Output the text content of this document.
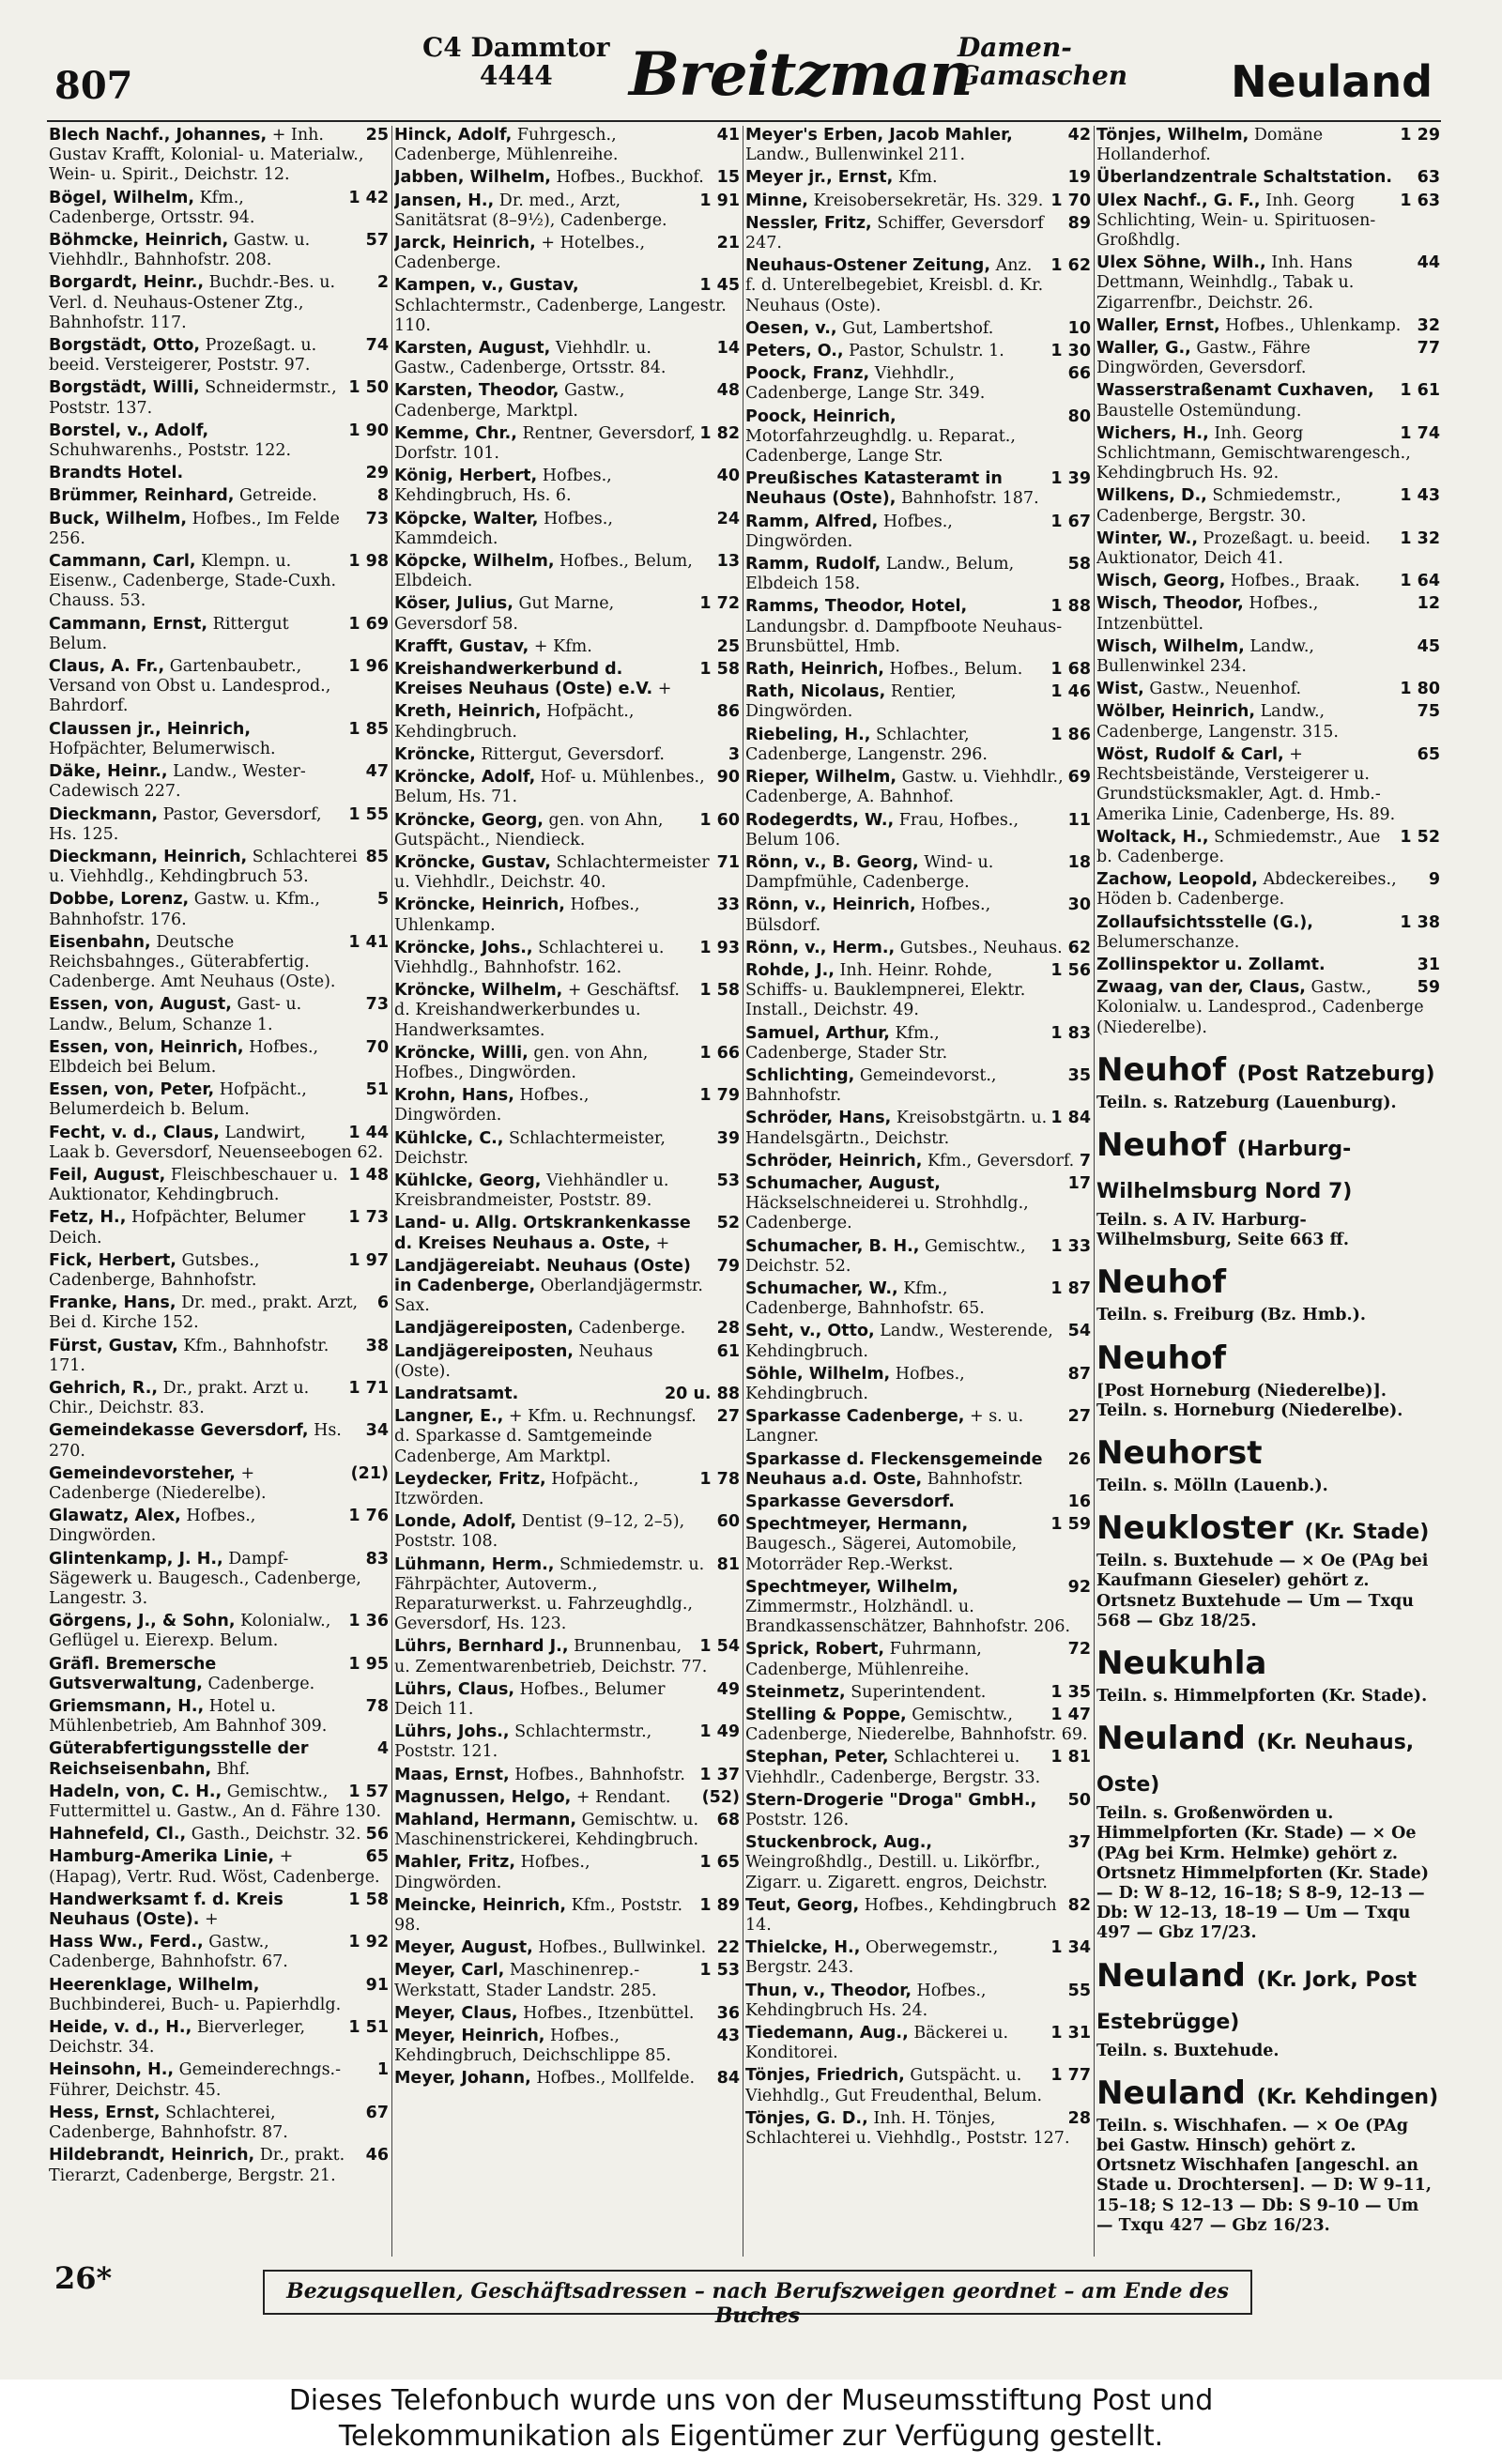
807
C4 Dammtor
4444	Breitzman
Damen-
Gamaschen Neuland
25
Blech Nachf., Johannes, + Inh. Gustav Krafft, Kolonial- u. Materialw., Wein- u. Spirit., Deichstr. 12.
1 42
Bögel, Wilhelm, Kfm., Cadenberge, Ortsstr. 94.
57
Böhmcke, Heinrich, Gastw. u. Viehhdlr., Bahnhofstr. 208.
2
Borgardt, Heinr., Buchdr.-Bes. u. Verl. d. Neuhaus-Ostener Ztg., Bahnhofstr. 117.
74
Borgstädt, Otto, Prozeßagt. u. beeid. Versteigerer, Poststr. 97.
1 50
Borgstädt, Willi, Schneidermstr., Poststr. 137.
1 90
Borstel, v., Adolf, Schuhwarenhs., Poststr. 122.
29
Brandts Hotel.
8
Brümmer, Reinhard, Getreide.
73
Buck, Wilhelm, Hofbes., Im Felde 256.
1 98
Cammann, Carl, Klempn. u. Eisenw., Cadenberge, Stade-Cuxh. Chauss. 53.
1 69
Cammann, Ernst, Rittergut Belum.
1 96
Claus, A. Fr., Gartenbaubetr., Versand von Obst u. Landesprod., Bahrdorf.
1 85
Claussen jr., Heinrich, Hofpächter, Belumerwisch.
47
Däke, Heinr., Landw., Wester-Cadewisch 227.
1 55
Dieckmann, Pastor, Geversdorf, Hs. 125.
85
Dieckmann, Heinrich, Schlachterei u. Viehhdlg., Kehdingbruch 53.
5
Dobbe, Lorenz, Gastw. u. Kfm., Bahnhofstr. 176.
1 41
Eisenbahn, Deutsche Reichsbahnges., Güterabfertig. Cadenberge. Amt Neuhaus (Oste).
73
Essen, von, August, Gast- u. Landw., Belum, Schanze 1.
70
Essen, von, Heinrich, Hofbes., Elbdeich bei Belum.
51
Essen, von, Peter, Hofpächt., Belumerdeich b. Belum.
1 44
Fecht, v. d., Claus, Landwirt, Laak b. Geversdorf, Neuenseebogen 62.
1 48
Feil, August, Fleischbeschauer u. Auktionator, Kehdingbruch.
1 73
Fetz, H., Hofpächter, Belumer Deich.
1 97
Fick, Herbert, Gutsbes., Cadenberge, Bahnhofstr.
6
Franke, Hans, Dr. med., prakt. Arzt, Bei d. Kirche 152.
38
Fürst, Gustav, Kfm., Bahnhofstr. 171.
1 71
Gehrich, R., Dr., prakt. Arzt u. Chir., Deichstr. 83.
34
Gemeindekasse Geversdorf, Hs. 270.
(21)
Gemeindevorsteher, + Cadenberge (Niederelbe).
1 76
Glawatz, Alex, Hofbes., Dingwörden.
83
Glintenkamp, J. H., Dampf-Sägewerk u. Baugesch., Cadenberge, Langestr. 3.
1 36
Görgens, J., & Sohn, Kolonialw., Geflügel u. Eierexp. Belum.
1 95
Gräfl. Bremersche Gutsverwaltung, Cadenberge.
78
Griemsmann, H., Hotel u. Mühlenbetrieb, Am Bahnhof 309.
4
Güterabfertigungsstelle der Reichseisenbahn, Bhf.
1 57
Hadeln, von, C. H., Gemischtw., Futtermittel u. Gastw., An d. Fähre 130.
56
Hahnefeld, Cl., Gasth., Deichstr. 32.
65
Hamburg-Amerika Linie, + (Hapag), Vertr. Rud. Wöst, Cadenberge.
1 58
Handwerksamt f. d. Kreis Neuhaus (Oste). +
1 92
Hass Ww., Ferd., Gastw., Cadenberge, Bahnhofstr. 67.
91
Heerenklage, Wilhelm, Buchbinderei, Buch- u. Papierhdlg.
1 51
Heide, v. d., H., Bierverleger, Deichstr. 34.
1
Heinsohn, H., Gemeinderechngs.-Führer, Deichstr. 45.
67
Hess, Ernst, Schlachterei, Cadenberge, Bahnhofstr. 87.
46
Hildebrandt, Heinrich, Dr., prakt. Tierarzt, Cadenberge, Bergstr. 21.
41
Hinck, Adolf, Fuhrgesch., Cadenberge, Mühlenreihe.
15
Jabben, Wilhelm, Hofbes., Buckhof.
1 91
Jansen, H., Dr. med., Arzt, Sanitätsrat (8–9½), Cadenberge.
21
Jarck, Heinrich, + Hotelbes., Cadenberge.
1 45
Kampen, v., Gustav, Schlachtermstr., Cadenberge, Langestr. 110.
14
Karsten, August, Viehhdlr. u. Gastw., Cadenberge, Ortsstr. 84.
48
Karsten, Theodor, Gastw., Cadenberge, Marktpl.
1 82
Kemme, Chr., Rentner, Geversdorf, Dorfstr. 101.
40
König, Herbert, Hofbes., Kehdingbruch, Hs. 6.
24
Köpcke, Walter, Hofbes., Kammdeich.
13
Köpcke, Wilhelm, Hofbes., Belum, Elbdeich.
1 72
Köser, Julius, Gut Marne, Geversdorf 58.
25
Krafft, Gustav, + Kfm.
1 58
Kreishandwerkerbund d. Kreises Neuhaus (Oste) e.V. +
86
Kreth, Heinrich, Hofpächt., Kehdingbruch.
3
Kröncke, Rittergut, Geversdorf.
90
Kröncke, Adolf, Hof- u. Mühlenbes., Belum, Hs. 71.
1 60
Kröncke, Georg, gen. von Ahn, Gutspächt., Niendieck.
71
Kröncke, Gustav, Schlachtermeister u. Viehhdlr., Deichstr. 40.
33
Kröncke, Heinrich, Hofbes., Uhlenkamp.
1 93
Kröncke, Johs., Schlachterei u. Viehhdlg., Bahnhofstr. 162.
1 58
Kröncke, Wilhelm, + Geschäftsf. d. Kreishandwerkerbundes u. Handwerksamtes.
1 66
Kröncke, Willi, gen. von Ahn, Hofbes., Dingwörden.
1 79
Krohn, Hans, Hofbes., Dingwörden.
39
Kühlcke, C., Schlachtermeister, Deichstr.
53
Kühlcke, Georg, Viehhändler u. Kreisbrandmeister, Poststr. 89.
52
Land- u. Allg. Ortskrankenkasse d. Kreises Neuhaus a. Oste, +
79
Landjägereiabt. Neuhaus (Oste) in Cadenberge, Oberlandjägermstr. Sax.
28
Landjägereiposten, Cadenberge.
61
Landjägereiposten, Neuhaus (Oste).
20 u. 88
Landratsamt.
27
Langner, E., + Kfm. u. Rechnungsf. d. Sparkasse d. Samtgemeinde Cadenberge, Am Marktpl.
1 78
Leydecker, Fritz, Hofpächt., Itzwörden.
60
Londe, Adolf, Dentist (9–12, 2–5), Poststr. 108.
81
Lühmann, Herm., Schmiedemstr. u. Fährpächter, Autoverm., Reparaturwerkst. u. Fahrzeughdlg., Geversdorf, Hs. 123.
1 54
Lührs, Bernhard J., Brunnenbau, u. Zementwarenbetrieb, Deichstr. 77.
49
Lührs, Claus, Hofbes., Belumer Deich 11.
1 49
Lührs, Johs., Schlachtermstr., Poststr. 121.
1 37
Maas, Ernst, Hofbes., Bahnhofstr.
(52)
Magnussen, Helgo, + Rendant.
68
Mahland, Hermann, Gemischtw. u. Maschinenstrickerei, Kehdingbruch.
1 65
Mahler, Fritz, Hofbes., Dingwörden.
1 89
Meincke, Heinrich, Kfm., Poststr. 98.
22
Meyer, August, Hofbes., Bullwinkel.
1 53
Meyer, Carl, Maschinenrep.-Werkstatt, Stader Landstr. 285.
36
Meyer, Claus, Hofbes., Itzenbüttel.
43
Meyer, Heinrich, Hofbes., Kehdingbruch, Deichschlippe 85.
84
Meyer, Johann, Hofbes., Mollfelde.
42
Meyer's Erben, Jacob Mahler, Landw., Bullenwinkel 211.
19
Meyer jr., Ernst, Kfm.
1 70
Minne, Kreisobersekretär, Hs. 329.
89
Nessler, Fritz, Schiffer, Geversdorf 247.
1 62
Neuhaus-Ostener Zeitung, Anz. f. d. Unterelbegebiet, Kreisbl. d. Kr. Neuhaus (Oste).
10
Oesen, v., Gut, Lambertshof.
1 30
Peters, O., Pastor, Schulstr. 1.
66
Poock, Franz, Viehhdlr., Cadenberge, Lange Str. 349.
80
Poock, Heinrich, Motorfahrzeughdlg. u. Reparat., Cadenberge, Lange Str.
1 39
Preußisches Katasteramt in Neuhaus (Oste), Bahnhofstr. 187.
1 67
Ramm, Alfred, Hofbes., Dingwörden.
58
Ramm, Rudolf, Landw., Belum, Elbdeich 158.
1 88
Ramms, Theodor, Hotel, Landungsbr. d. Dampfboote Neuhaus-Brunsbüttel, Hmb.
1 68
Rath, Heinrich, Hofbes., Belum.
1 46
Rath, Nicolaus, Rentier, Dingwörden.
1 86
Riebeling, H., Schlachter, Cadenberge, Langenstr. 296.
69
Rieper, Wilhelm, Gastw. u. Viehhdlr., Cadenberge, A. Bahnhof.
11
Rodegerdts, W., Frau, Hofbes., Belum 106.
18
Rönn, v., B. Georg, Wind- u. Dampfmühle, Cadenberge.
30
Rönn, v., Heinrich, Hofbes., Bülsdorf.
62
Rönn, v., Herm., Gutsbes., Neuhaus.
1 56
Rohde, J., Inh. Heinr. Rohde, Schiffs- u. Bauklempnerei, Elektr. Install., Deichstr. 49.
1 83
Samuel, Arthur, Kfm., Cadenberge, Stader Str.
35
Schlichting, Gemeindevorst., Bahnhofstr.
1 84
Schröder, Hans, Kreisobstgärtn. u. Handelsgärtn., Deichstr.
7
Schröder, Heinrich, Kfm., Geversdorf.
17
Schumacher, August, Häckselschneiderei u. Strohhdlg., Cadenberge.
1 33
Schumacher, B. H., Gemischtw., Deichstr. 52.
1 87
Schumacher, W., Kfm., Cadenberge, Bahnhofstr. 65.
54
Seht, v., Otto, Landw., Westerende, Kehdingbruch.
87
Söhle, Wilhelm, Hofbes., Kehdingbruch.
27
Sparkasse Cadenberge, + s. u. Langner.
26
Sparkasse d. Fleckensgemeinde Neuhaus a.d. Oste, Bahnhofstr.
16
Sparkasse Geversdorf.
1 59
Spechtmeyer, Hermann, Baugesch., Sägerei, Automobile, Motorräder Rep.-Werkst.
92
Spechtmeyer, Wilhelm, Zimmermstr., Holzhändl. u. Brandkassenschätzer, Bahnhofstr. 206.
72
Sprick, Robert, Fuhrmann, Cadenberge, Mühlenreihe.
1 35
Steinmetz, Superintendent.
1 47
Stelling & Poppe, Gemischtw., Cadenberge, Niederelbe, Bahnhofstr. 69.
1 81
Stephan, Peter, Schlachterei u. Viehhdlr., Cadenberge, Bergstr. 33.
50
Stern-Drogerie "Droga" GmbH., Poststr. 126.
37
Stuckenbrock, Aug., Weingroßhdlg., Destill. u. Likörfbr., Zigarr. u. Zigarett. engros, Deichstr.
82
Teut, Georg, Hofbes., Kehdingbruch 14.
1 34
Thielcke, H., Oberwegemstr., Bergstr. 243.
55
Thun, v., Theodor, Hofbes., Kehdingbruch Hs. 24.
1 31
Tiedemann, Aug., Bäckerei u. Konditorei.
1 77
Tönjes, Friedrich, Gutspächt. u. Viehhdlg., Gut Freudenthal, Belum.
28
Tönjes, G. D., Inh. H. Tönjes, Schlachterei u. Viehhdlg., Poststr. 127.
1 29
Tönjes, Wilhelm, Domäne Hollanderhof.
63
Überlandzentrale Schaltstation.
1 63
Ulex Nachf., G. F., Inh. Georg Schlichting, Wein- u. Spirituosen-Großhdlg.
44
Ulex Söhne, Wilh., Inh. Hans Dettmann, Weinhdlg., Tabak u. Zigarrenfbr., Deichstr. 26.
32
Waller, Ernst, Hofbes., Uhlenkamp.
77
Waller, G., Gastw., Fähre Dingwörden, Geversdorf.
1 61
Wasserstraßenamt Cuxhaven, Baustelle Ostemündung.
1 74
Wichers, H., Inh. Georg Schlichtmann, Gemischtwarengesch., Kehdingbruch Hs. 92.
1 43
Wilkens, D., Schmiedemstr., Cadenberge, Bergstr. 30.
1 32
Winter, W., Prozeßagt. u. beeid. Auktionator, Deich 41.
1 64
Wisch, Georg, Hofbes., Braak.
12
Wisch, Theodor, Hofbes., Intzenbüttel.
45
Wisch, Wilhelm, Landw., Bullenwinkel 234.
1 80
Wist, Gastw., Neuenhof.
75
Wölber, Heinrich, Landw., Cadenberge, Langenstr. 315.
65
Wöst, Rudolf & Carl, + Rechtsbeistände, Versteigerer u. Grundstücksmakler, Agt. d. Hmb.-Amerika Linie, Cadenberge, Hs. 89.
1 52
Woltack, H., Schmiedemstr., Aue b. Cadenberge.
9
Zachow, Leopold, Abdeckereibes., Höden b. Cadenberge.
1 38
Zollaufsichtsstelle (G.), Belumerschanze.
31
Zollinspektor u. Zollamt.
59
Zwaag, van der, Claus, Gastw., Kolonialw. u. Landesprod., Cadenberge (Niederelbe).
Neuhof (Post Ratzeburg)
Teiln. s. Ratzeburg (Lauenburg).
Neuhof (Harburg-Wilhelmsburg Nord 7)
Teiln. s. A IV. Harburg-Wilhelmsburg, Seite 663 ff.
Neuhof
Teiln. s. Freiburg (Bz. Hmb.).
Neuhof
[Post Horneburg (Niederelbe)]. Teiln. s. Horneburg (Niederelbe).
Neuhorst
Teiln. s. Mölln (Lauenb.).
Neukloster (Kr. Stade)
Teiln. s. Buxtehude — × Oe (PAg bei Kaufmann Gieseler) gehört z. Ortsnetz Buxtehude — Um — Txqu 568 — Gbz 18/25.
Neukuhla
Teiln. s. Himmelpforten (Kr. Stade).
Neuland (Kr. Neuhaus, Oste)
Teiln. s. Großenwörden u. Himmelpforten (Kr. Stade) — × Oe (PAg bei Krm. Helmke) gehört z. Ortsnetz Himmelpforten (Kr. Stade) — D: W 8–12, 16–18; S 8–9, 12–13 — Db: W 12–13, 18–19 — Um — Txqu 497 — Gbz 17/23.
Neuland (Kr. Jork, Post Estebrügge)
Teiln. s. Buxtehude.
Neuland (Kr. Kehdingen)
Teiln. s. Wischhafen. — × Oe (PAg bei Gastw. Hinsch) gehört z. Ortsnetz Wischhafen [angeschl. an Stade u. Drochtersen]. — D: W 9–11, 15–18; S 12–13 — Db: S 9–10 — Um — Txqu 427 — Gbz 16/23.
26*	Bezugsquellen, Geschäftsadressen – nach Berufszweigen geordnet – am Ende des Buches
Dieses Telefonbuch wurde uns von der Museumsstiftung Post und
Telekommunikation als Eigentümer zur Verfügung gestellt.
